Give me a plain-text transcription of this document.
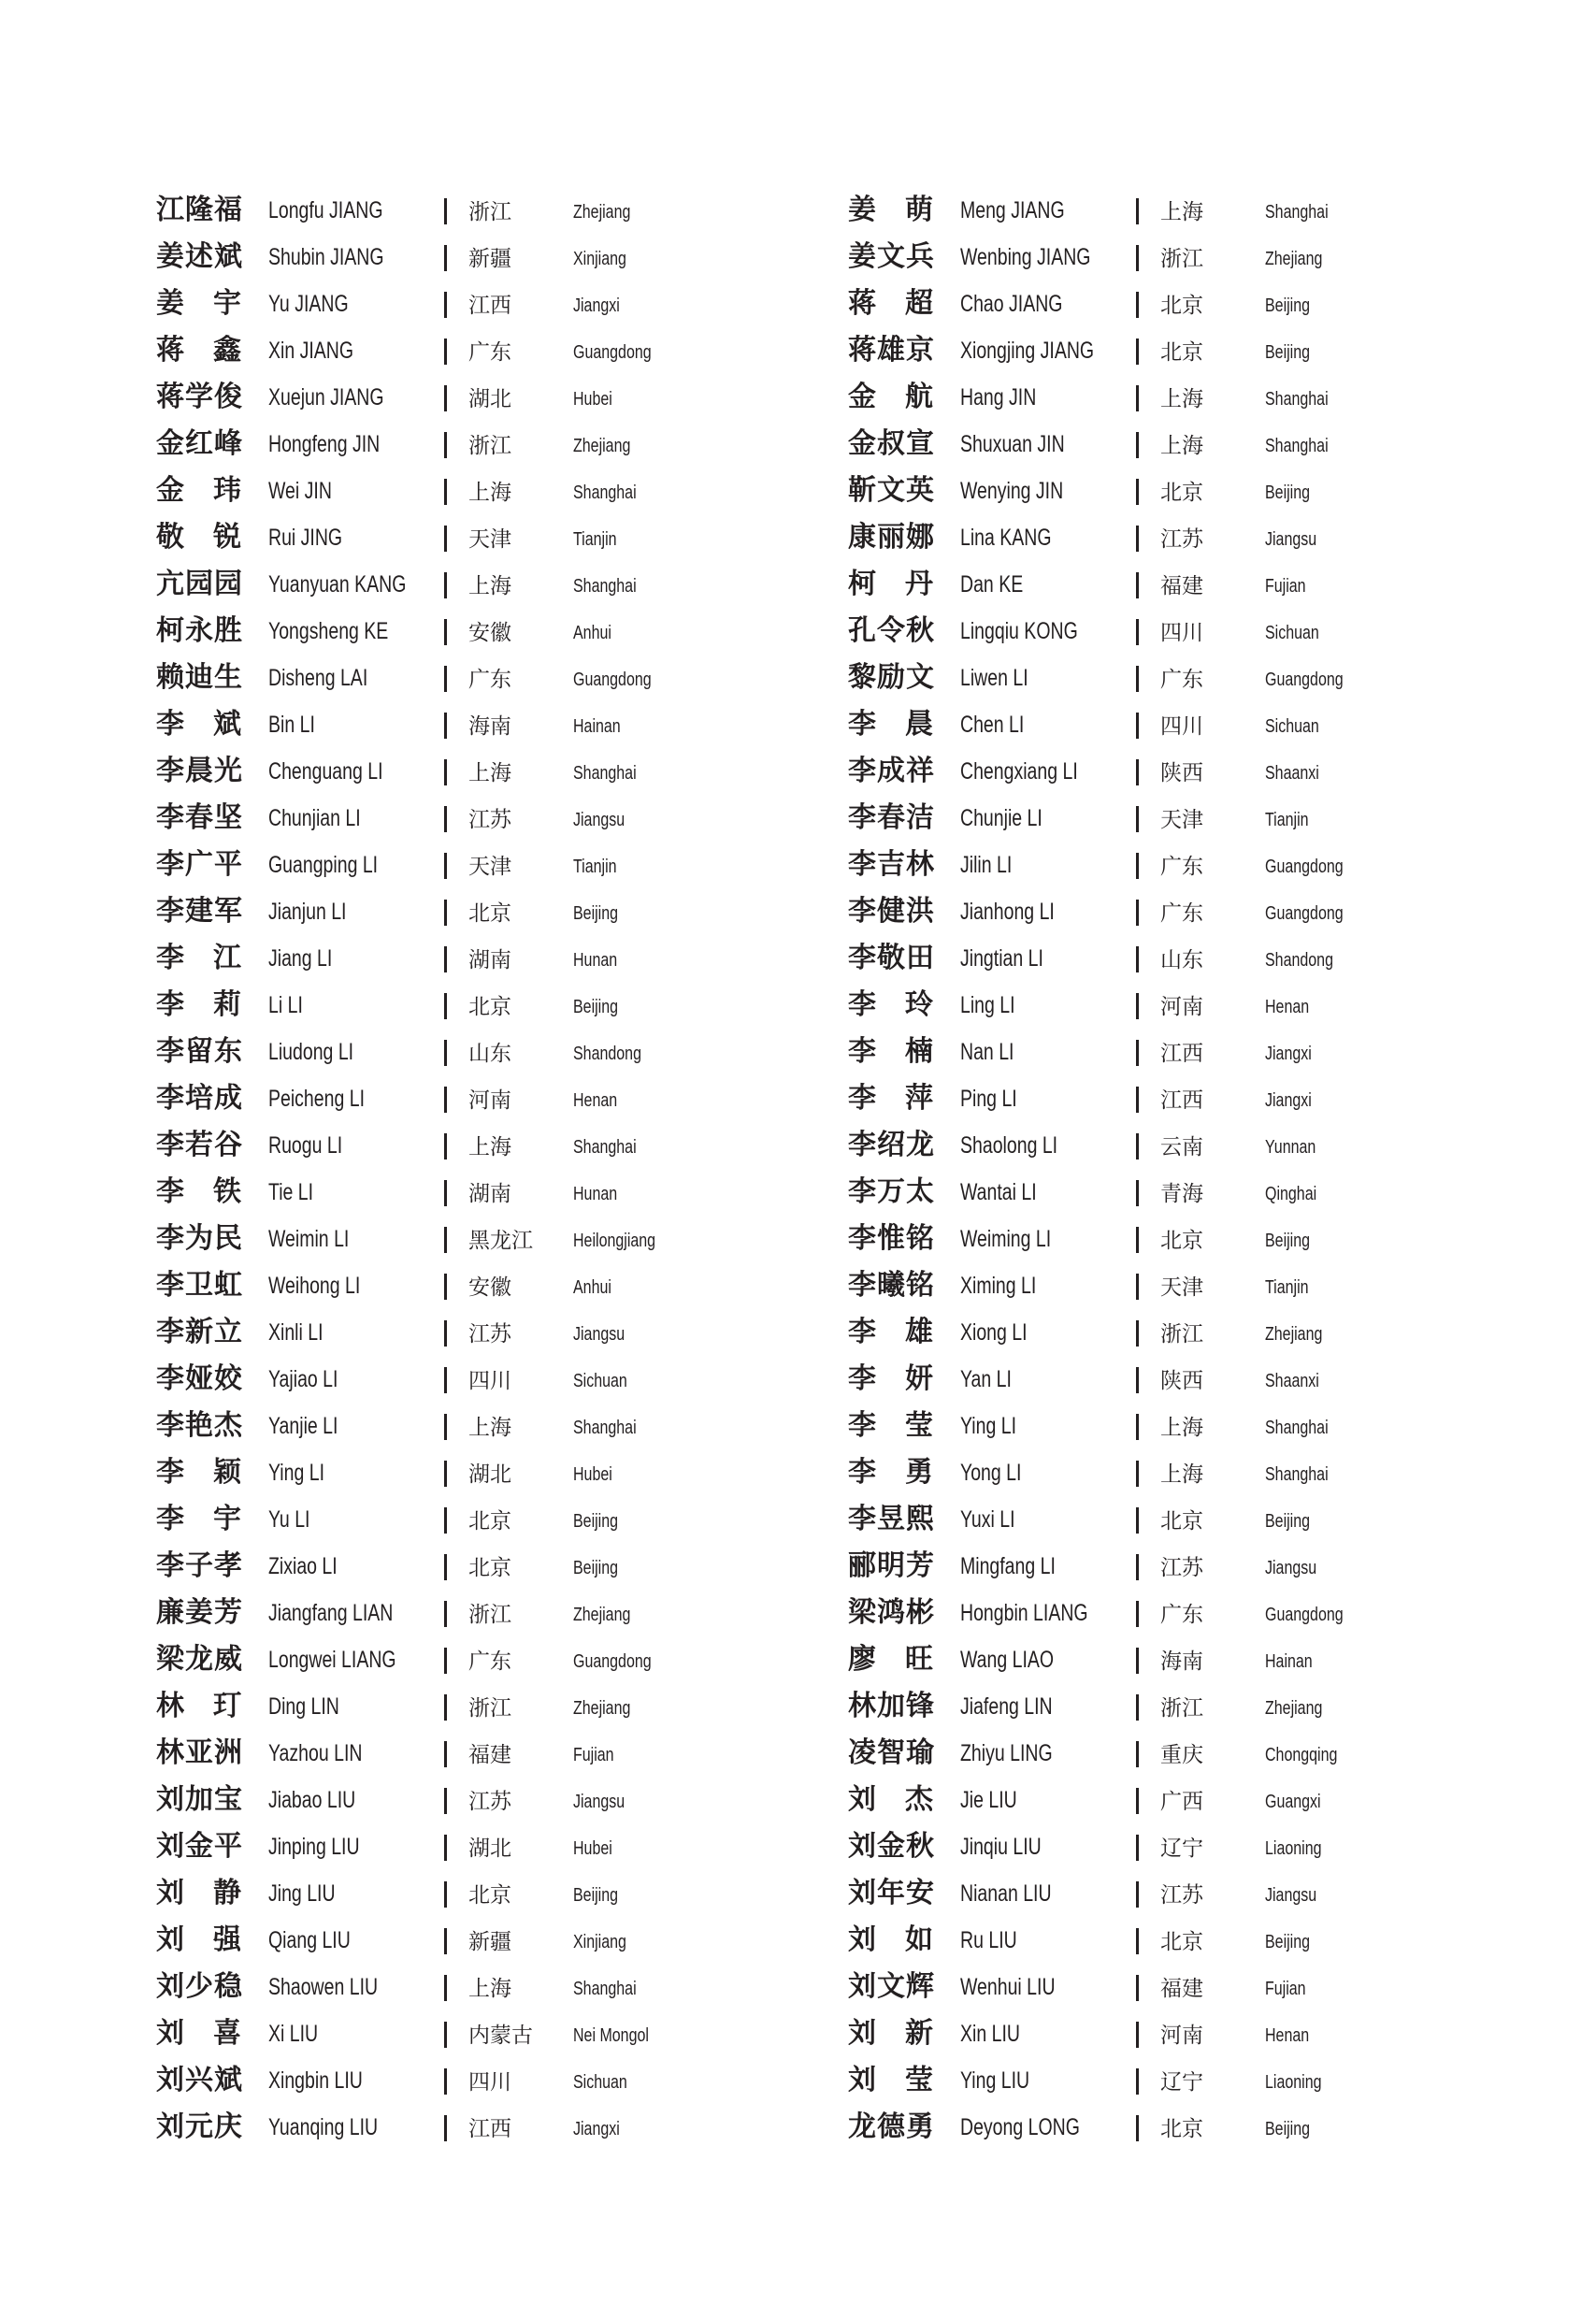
江隆福 Longfu JIANG	浙江	Zhejiang
姜述斌 Shubin JIANG	新疆	Xinjiang
姜 宇 Yu JIANG	江西	Jiangxi
蒋 鑫 Xin JIANG	广东	Guangdong
蒋学俊 Xuejun JIANG	湖北	Hubei
金红峰 Hongfeng JIN	浙江	Zhejiang
金 玮 Wei JIN	上海	Shanghai
敬 锐 Rui JING	天津	Tianjin
亢园园 Yuanyuan KANG	上海	Shanghai
柯永胜 Yongsheng KE	安徽	Anhui
赖迪生 Disheng LAI	广东	Guangdong
李 斌 Bin LI	海南	Hainan
李晨光 Chenguang LI	上海	Shanghai
李春坚 Chunjian LI	江苏	Jiangsu
李广平 Guangping LI	天津	Tianjin
李建军 Jianjun LI	北京	Beijing
李 江 Jiang LI	湖南	Hunan
李 莉 Li LI	北京	Beijing
李留东 Liudong LI	山东	Shandong
李培成 Peicheng LI	河南	Henan
李若谷 Ruogu LI	上海	Shanghai
李 铁 Tie LI	湖南	Hunan
李为民 Weimin LI	黑龙江 Heilongjiang
李卫虹 Weihong LI	安徽	Anhui
李新立 Xinli LI	江苏	Jiangsu
李娅姣 Yajiao LI	四川	Sichuan
李艳杰 Yanjie LI	上海	Shanghai
李 颖 Ying LI	湖北	Hubei
李 宇 Yu LI	北京	Beijing
李子孝 Zixiao LI	北京	Beijing
廉姜芳 Jiangfang LIAN	浙江	Zhejiang
梁龙威 Longwei LIANG	广东	Guangdong
林 玎 Ding LIN	浙江	Zhejiang
林亚洲 Yazhou LIN	福建	Fujian
刘加宝 Jiabao LIU	江苏	Jiangsu
刘金平 Jinping LIU	湖北	Hubei
刘 静 Jing LIU	北京	Beijing
刘 强 Qiang LIU	新疆	Xinjiang
刘少稳 Shaowen LIU	上海	Shanghai
刘 喜 Xi LIU	内蒙古 Nei Mongol
刘兴斌 Xingbin LIU	四川	Sichuan
刘元庆 Yuanqing LIU	江西	Jiangxi
姜 萌 Meng JIANG	上海	Shanghai
姜文兵 Wenbing JIANG	浙江	Zhejiang
蒋 超 Chao JIANG	北京	Beijing
蒋雄京 Xiongjing JIANG	北京	Beijing
金 航 Hang JIN	上海	Shanghai
金叔宣 Shuxuan JIN	上海	Shanghai
靳文英 Wenying JIN	北京	Beijing
康丽娜 Lina KANG	江苏	Jiangsu
柯 丹 Dan KE	福建	Fujian
孔令秋 Lingqiu KONG	四川	Sichuan
黎励文 Liwen LI	广东	Guangdong
李 晨 Chen LI	四川	Sichuan
李成祥 Chengxiang LI	陕西	Shaanxi
李春洁 Chunjie LI	天津	Tianjin
李吉林 Jilin LI	广东	Guangdong
李健洪 Jianhong LI	广东	Guangdong
李敬田 Jingtian LI	山东	Shandong
李 玲 Ling LI	河南	Henan
李 楠 Nan LI	江西	Jiangxi
李 萍 Ping LI	江西	Jiangxi
李绍龙 Shaolong LI	云南	Yunnan
李万太 Wantai LI	青海	Qinghai
李惟铭 Weiming LI	北京	Beijing
李曦铭 Ximing LI	天津	Tianjin
李 雄 Xiong LI	浙江	Zhejiang
李 妍 Yan LI	陕西	Shaanxi
李 莹 Ying LI	上海	Shanghai
李 勇 Yong LI	上海	Shanghai
李昱熙 Yuxi LI	北京	Beijing
郦明芳 Mingfang LI	江苏	Jiangsu
梁鸿彬 Hongbin LIANG	广东	Guangdong
廖 旺 Wang LIAO	海南	Hainan
林加锋 Jiafeng LIN	浙江	Zhejiang
凌智瑜 Zhiyu LING	重庆	Chongqing
刘 杰 Jie LIU	广西	Guangxi
刘金秋 Jinqiu LIU	辽宁	Liaoning
刘年安 Nianan LIU	江苏	Jiangsu
刘 如 Ru LIU	北京	Beijing
刘文辉 Wenhui LIU	福建	Fujian
刘 新 Xin LIU	河南	Henan
刘 莹 Ying LIU	辽宁	Liaoning
龙德勇 Deyong LONG	北京	Beijing
